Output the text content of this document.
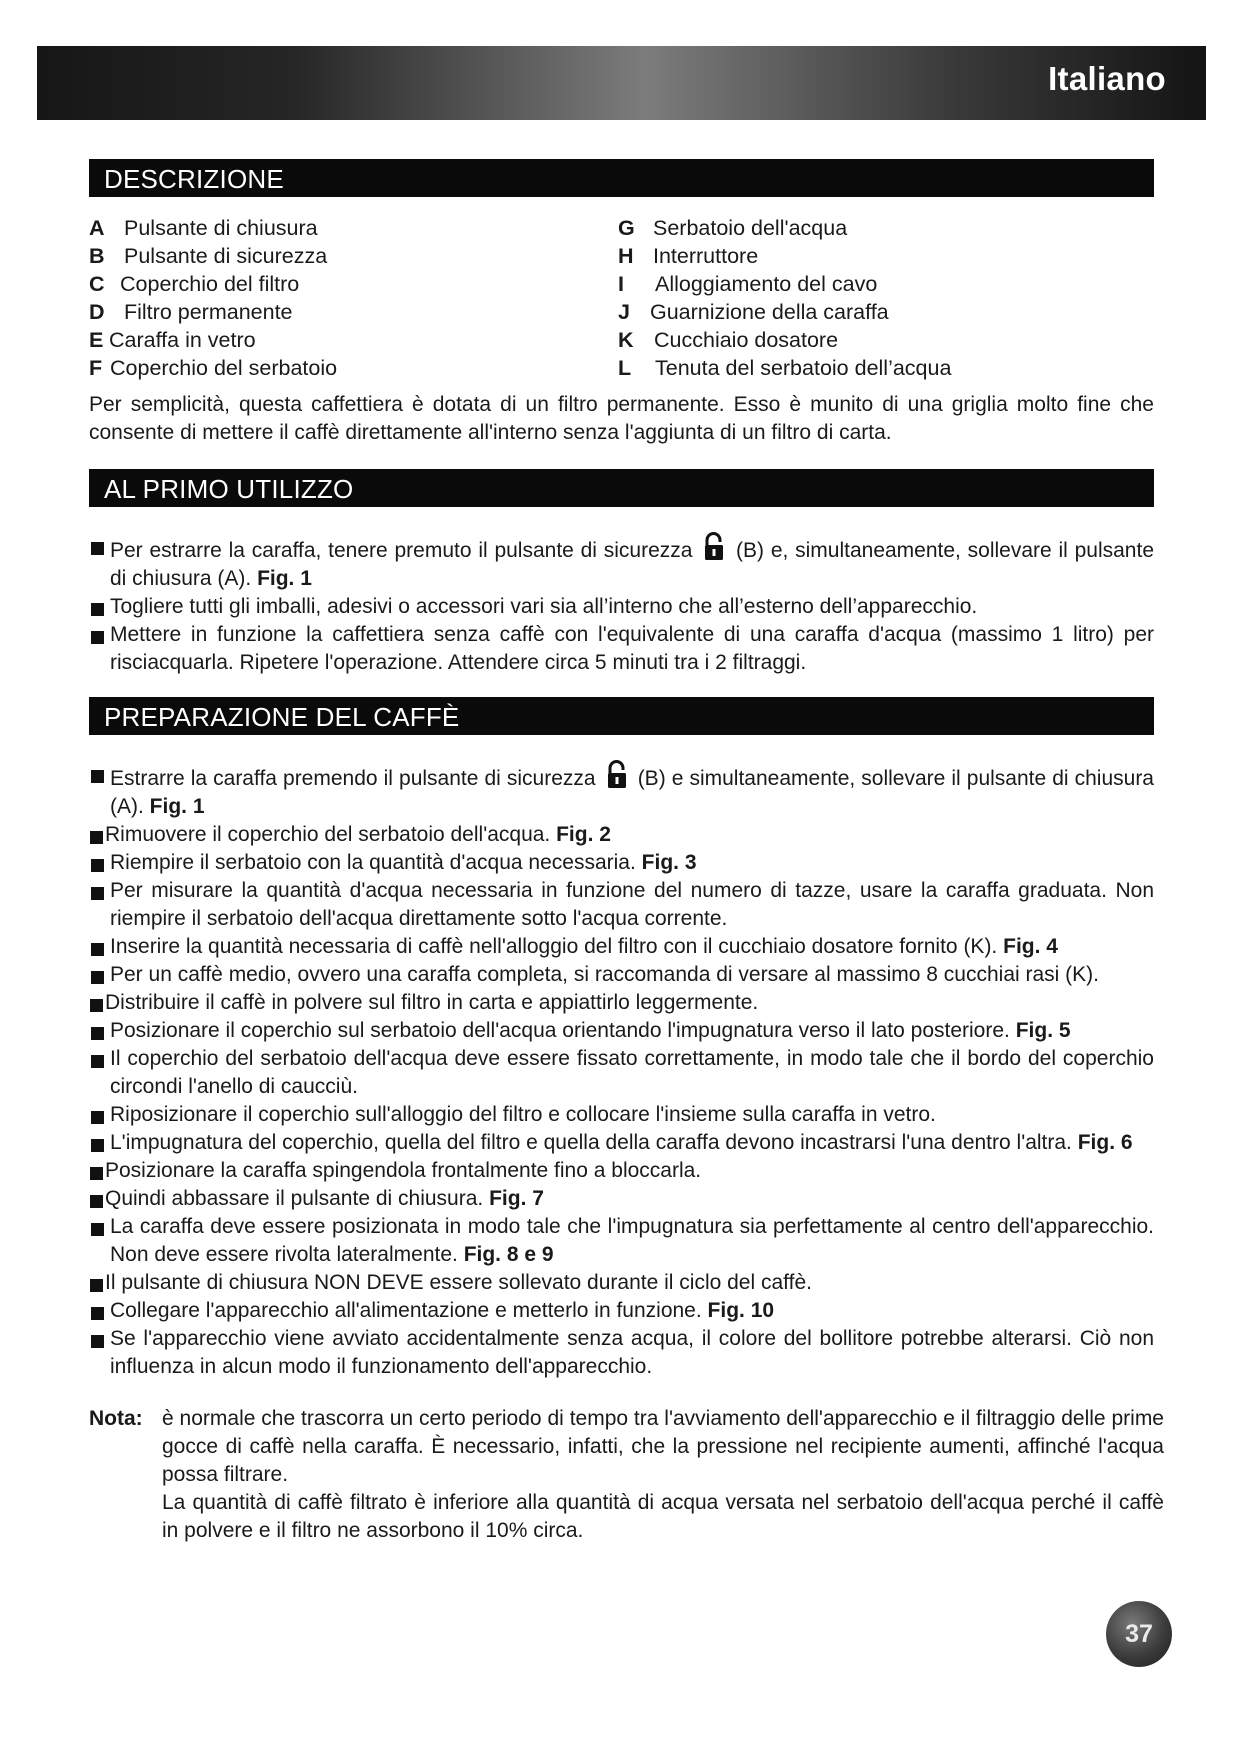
Italiano
DESCRIZIONE
A Pulsante di chiusura
B Pulsante di sicurezza
C Coperchio del filtro
D Filtro permanente
E Caraffa in vetro
F Coperchio del serbatoio
G Serbatoio dell'acqua
H Interruttore
I Alloggiamento del cavo
J Guarnizione della caraffa
K Cucchiaio dosatore
L Tenuta del serbatoio dell’acqua
Per semplicità, questa caffettiera è dotata di un filtro permanente. Esso è munito di una griglia molto fine che consente di mettere il caffè direttamente all'interno senza l'aggiunta di un filtro di carta.
AL PRIMO UTILIZZO
Per estrarre la caraffa, tenere premuto il pulsante di sicurezza (B) e, simultaneamente, sollevare il pulsante di chiusura (A). Fig. 1
Togliere tutti gli imballi, adesivi o accessori vari sia all’interno che all’esterno dell’apparecchio.
Mettere in funzione la caffettiera senza caffè con l'equivalente di una caraffa d'acqua (massimo 1 litro) per risciacquarla. Ripetere l'operazione. Attendere circa 5 minuti tra i 2 filtraggi.
PREPARAZIONE DEL CAFFÈ
Estrarre la caraffa premendo il pulsante di sicurezza (B) e simultaneamente, sollevare il pulsante di chiusura (A). Fig. 1
Rimuovere il coperchio del serbatoio dell'acqua. Fig. 2
Riempire il serbatoio con la quantità d'acqua necessaria. Fig. 3
Per misurare la quantità d'acqua necessaria in funzione del numero di tazze, usare la caraffa graduata. Non riempire il serbatoio dell'acqua direttamente sotto l'acqua corrente.
Inserire la quantità necessaria di caffè nell'alloggio del filtro con il cucchiaio dosatore fornito (K). Fig. 4
Per un caffè medio, ovvero una caraffa completa, si raccomanda di versare al massimo 8 cucchiai rasi (K).
Distribuire il caffè in polvere sul filtro in carta e appiattirlo leggermente.
Posizionare il coperchio sul serbatoio dell'acqua orientando l'impugnatura verso il lato posteriore. Fig. 5
Il coperchio del serbatoio dell'acqua deve essere fissato correttamente, in modo tale che il bordo del coperchio circondi l'anello di caucciù.
Riposizionare il coperchio sull'alloggio del filtro e collocare l'insieme sulla caraffa in vetro.
L'impugnatura del coperchio, quella del filtro e quella della caraffa devono incastrarsi l'una dentro l'altra. Fig. 6
Posizionare la caraffa spingendola frontalmente fino a bloccarla.
Quindi abbassare il pulsante di chiusura. Fig. 7
La caraffa deve essere posizionata in modo tale che l'impugnatura sia perfettamente al centro dell'apparecchio. Non deve essere rivolta lateralmente. Fig. 8 e 9
Il pulsante di chiusura NON DEVE essere sollevato durante il ciclo del caffè.
Collegare l'apparecchio all'alimentazione e metterlo in funzione. Fig. 10
Se l'apparecchio viene avviato accidentalmente senza acqua, il colore del bollitore potrebbe alterarsi. Ciò non influenza in alcun modo il funzionamento dell'apparecchio.
Nota: è normale che trascorra un certo periodo di tempo tra l'avviamento dell'apparecchio e il filtraggio delle prime gocce di caffè nella caraffa. È necessario, infatti, che la pressione nel recipiente aumenti, affinché l'acqua possa filtrare.
La quantità di caffè filtrato è inferiore alla quantità di acqua versata nel serbatoio dell'acqua perché il caffè in polvere e il filtro ne assorbono il 10% circa.
37
